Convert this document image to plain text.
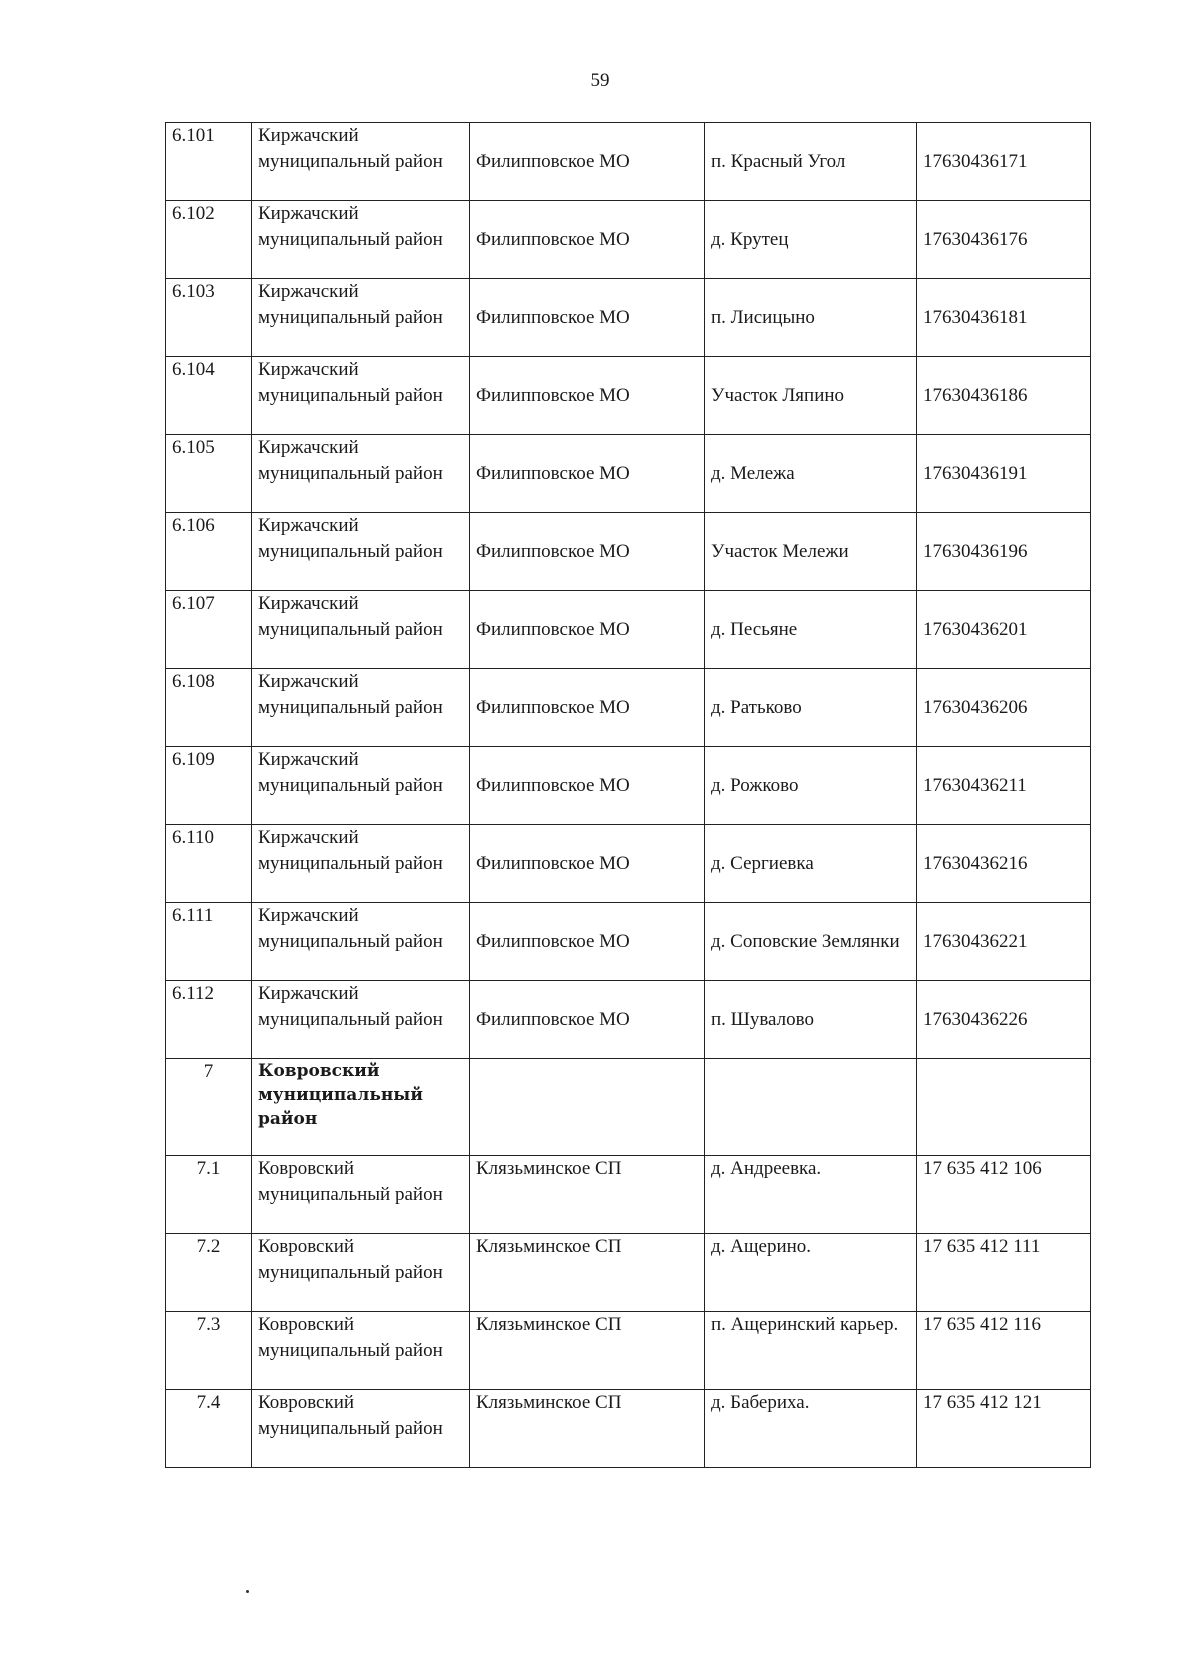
59
6.101	Киржачский муниципальный район	Филипповское МО	п. Красный Угол	17630436171
6.102	Киржачский муниципальный район	Филипповское МО	д. Крутец	17630436176
6.103	Киржачский муниципальный район	Филипповское МО	п. Лисицыно	17630436181
6.104	Киржачский муниципальный район	Филипповское МО	Участок Ляпино	17630436186
6.105	Киржачский муниципальный район	Филипповское МО	д. Мележа	17630436191
6.106	Киржачский муниципальный район	Филипповское МО	Участок Мележи	17630436196
6.107	Киржачский муниципальный район	Филипповское МО	д. Песьяне	17630436201
6.108	Киржачский муниципальный район	Филипповское МО	д. Ратьково	17630436206
6.109	Киржачский муниципальный район	Филипповское МО	д. Рожково	17630436211
6.110	Киржачский муниципальный район	Филипповское МО	д. Сергиевка	17630436216
6.111	Киржачский муниципальный район	Филипповское МО	д. Соповские Землянки	17630436221
6.112	Киржачский муниципальный район	Филипповское МО	п. Шувалово	17630436226
7	Ковровский муниципальный район			
7.1	Ковровский муниципальный район	Клязьминское СП	д. Андреевка.	17 635 412 106
7.2	Ковровский муниципальный район	Клязьминское СП	д. Ащерино.	17 635 412 111
7.3	Ковровский муниципальный район	Клязьминское СП	п. Ащеринский карьер.	17 635 412 116
7.4	Ковровский муниципальный район	Клязьминское СП	д. Бабериха.	17 635 412 121
